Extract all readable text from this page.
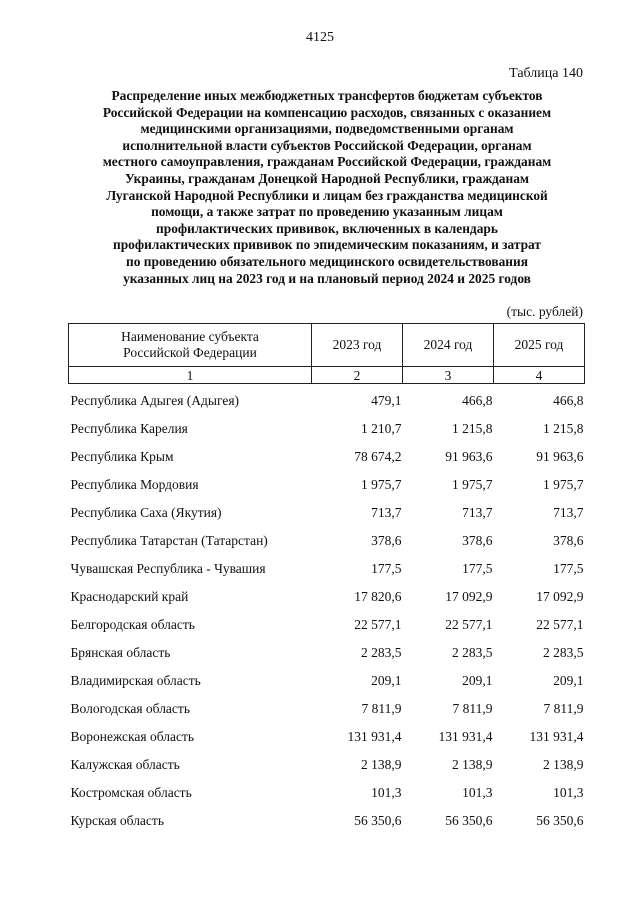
4125
Таблица 140
Распределение иных межбюджетных трансфертов бюджетам субъектов
Российской Федерации на компенсацию расходов, связанных с оказанием
медицинскими организациями, подведомственными органам
исполнительной власти субъектов Российской Федерации, органам
местного самоуправления, гражданам Российской Федерации, гражданам
Украины, гражданам Донецкой Народной Республики, гражданам
Луганской Народной Республики и лицам без гражданства медицинской
помощи, а также затрат по проведению указанным лицам
профилактических прививок, включенных в календарь
профилактических прививок по эпидемическим показаниям, и затрат
по проведению обязательного медицинского освидетельствования
указанных лиц на 2023 год и на плановый период 2024 и 2025 годов
(тыс. рублей)
Наименование субъекта
Российской Федерации	2023 год	2024 год	2025 год
1	2	3	4
Республика Адыгея (Адыгея)	479,1	466,8	466,8
Республика Карелия	1 210,7	1 215,8	1 215,8
Республика Крым	78 674,2	91 963,6	91 963,6
Республика Мордовия	1 975,7	1 975,7	1 975,7
Республика Саха (Якутия)	713,7	713,7	713,7
Республика Татарстан (Татарстан)	378,6	378,6	378,6
Чувашская Республика - Чувашия	177,5	177,5	177,5
Краснодарский край	17 820,6	17 092,9	17 092,9
Белгородская область	22 577,1	22 577,1	22 577,1
Брянская область	2 283,5	2 283,5	2 283,5
Владимирская область	209,1	209,1	209,1
Вологодская область	7 811,9	7 811,9	7 811,9
Воронежская область	131 931,4	131 931,4	131 931,4
Калужская область	2 138,9	2 138,9	2 138,9
Костромская область	101,3	101,3	101,3
Курская область	56 350,6	56 350,6	56 350,6
